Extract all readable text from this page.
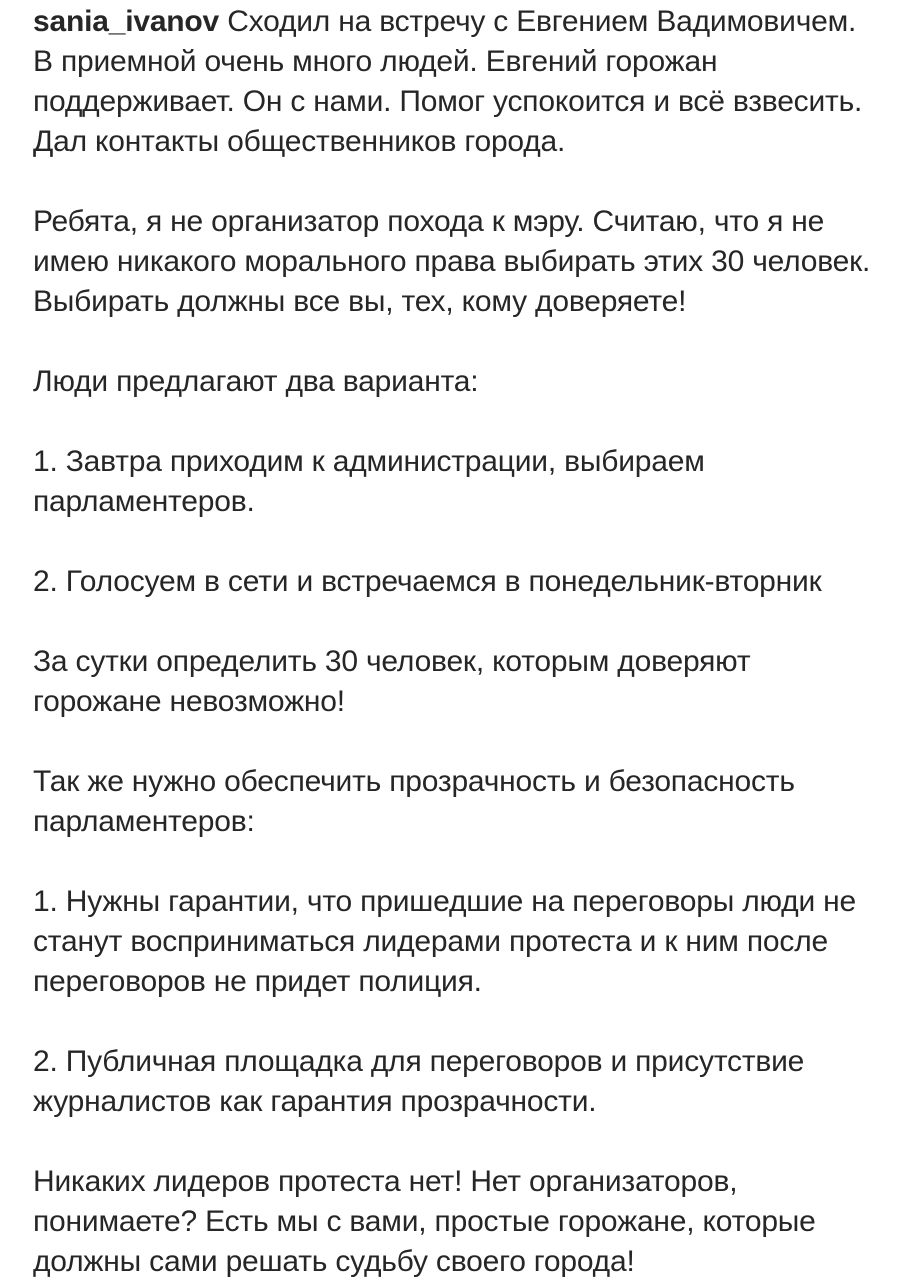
sania_ivanov Сходил на встречу с Евгением Вадимовичем. В приемной очень много людей. Евгений горожан поддерживает. Он с нами. Помог успокоится и всё взвесить. Дал контакты общественников города.

Ребята, я не организатор похода к мэру. Считаю, что я не имею никакого морального права выбирать этих 30 человек. Выбирать должны все вы, тех, кому доверяете!

Люди предлагают два варианта:

1. Завтра приходим к администрации, выбираем парламентеров.

2. Голосуем в сети и встречаемся в понедельник-вторник

За сутки определить 30 человек, которым доверяют горожане невозможно!

Так же нужно обеспечить прозрачность и безопасность парламентеров:

1. Нужны гарантии, что пришедшие на переговоры люди не станут восприниматься лидерами протеста и к ним после переговоров не придет полиция.

2. Публичная площадка для переговоров и присутствие журналистов как гарантия прозрачности.

Никаких лидеров протеста нет! Нет организаторов, понимаете? Есть мы с вами, простые горожане, которые должны сами решать судьбу своего города!
